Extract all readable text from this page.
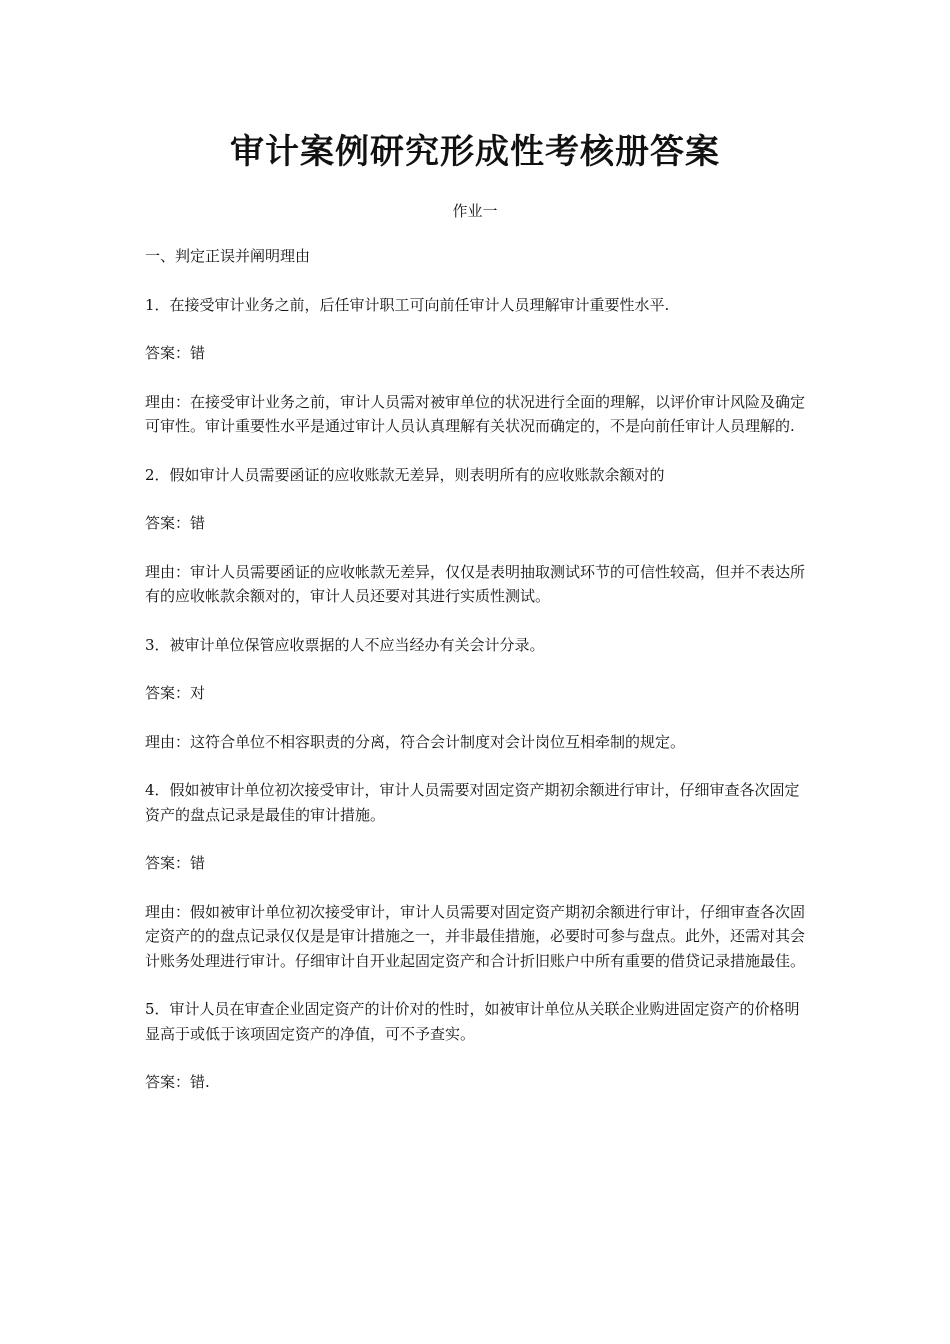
审计案例研究形成性考核册答案
作业一

一、判定正误并阐明理由

1．在接受审计业务之前，后任审计职工可向前任审计人员理解审计重要性水平.

答案：错

理由：在接受审计业务之前，审计人员需对被审单位的状况进行全面的理解，以评价审计风险及确定可审性。审计重要性水平是通过审计人员认真理解有关状况而确定的，不是向前任审计人员理解的.

2．假如审计人员需要函证的应收账款无差异，则表明所有的应收账款余额对的

答案：错

理由：审计人员需要函证的应收帐款无差异，仅仅是表明抽取测试环节的可信性较高，但并不表达所有的应收帐款余额对的，审计人员还要对其进行实质性测试。

3．被审计单位保管应收票据的人不应当经办有关会计分录。

答案：对

理由：这符合单位不相容职责的分离，符合会计制度对会计岗位互相牵制的规定。

4．假如被审计单位初次接受审计，审计人员需要对固定资产期初余额进行审计，仔细审查各次固定资产的盘点记录是最佳的审计措施。

答案：错

理由：假如被审计单位初次接受审计，审计人员需要对固定资产期初余额进行审计，仔细审查各次固定资产的的盘点记录仅仅是是审计措施之一，并非最佳措施，必要时可参与盘点。此外，还需对其会计账务处理进行审计。仔细审计自开业起固定资产和合计折旧账户中所有重要的借贷记录措施最佳。

5．审计人员在审查企业固定资产的计价对的性时，如被审计单位从关联企业购进固定资产的价格明显高于或低于该项固定资产的净值，可不予查实。

答案：错.
